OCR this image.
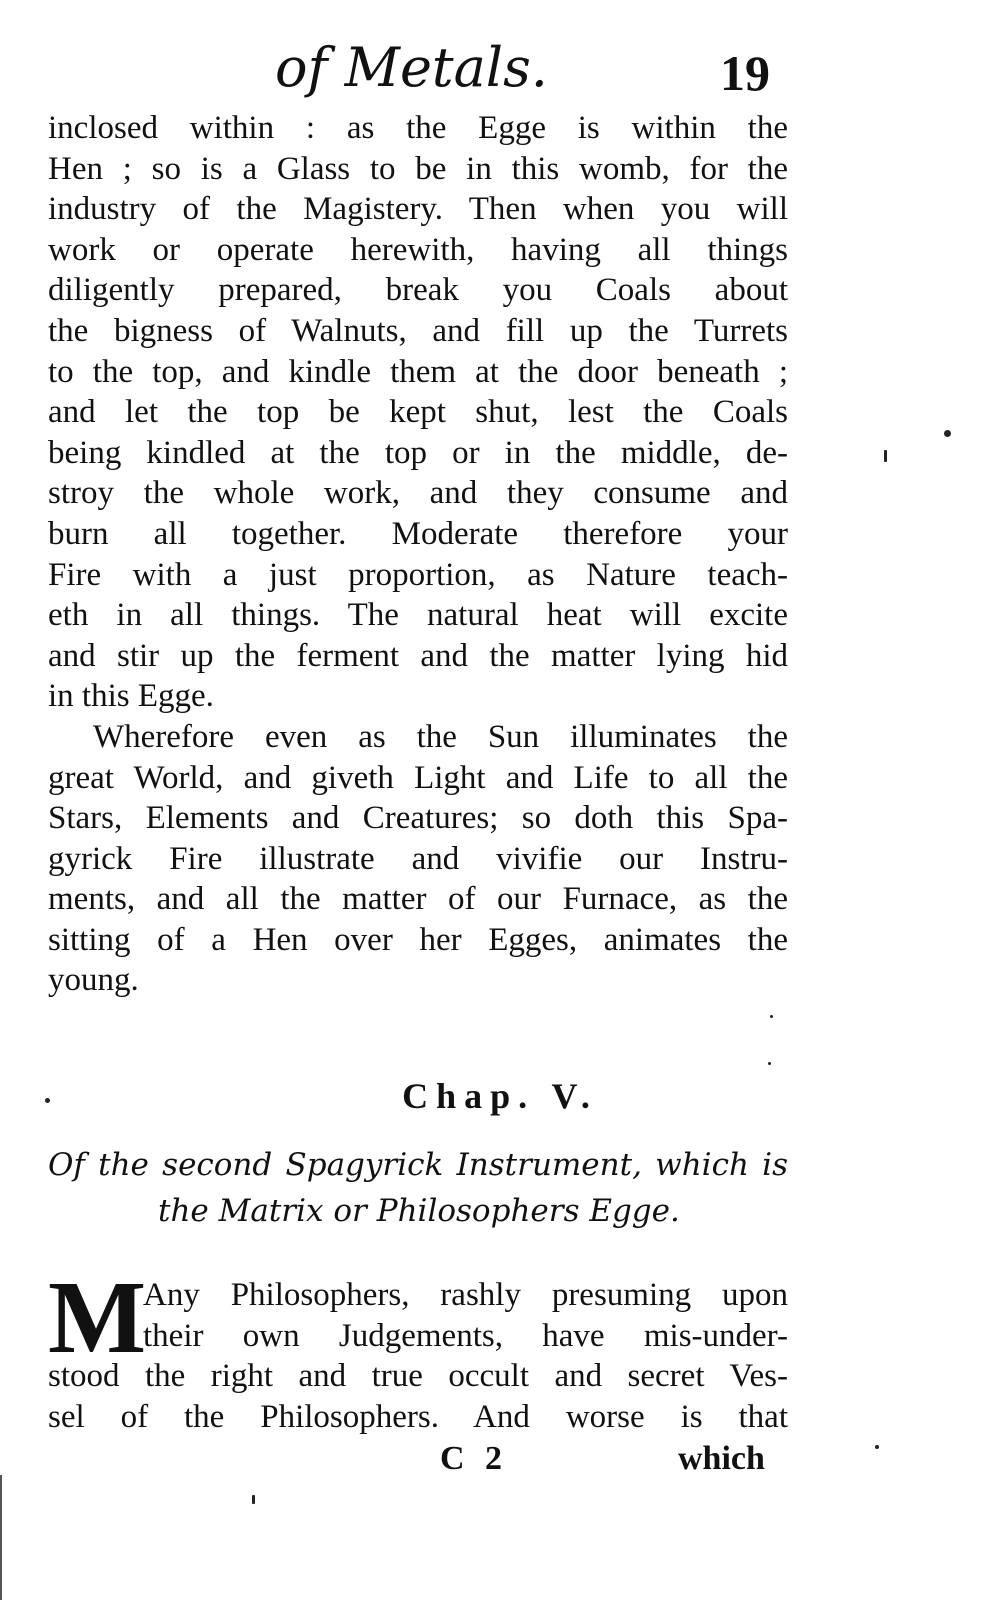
of Metals.	19
inclosed within : as the Egge is within the
Hen ; so is a Glass to be in this womb, for the
industry of the Magistery. Then when you will
work or operate herewith, having all things
diligently prepared, break you Coals about
the bigness of Walnuts, and fill up the Turrets
to the top, and kindle them at the door beneath ;
and let the top be kept shut, lest the Coals
being kindled at the top or in the middle, de-
stroy the whole work, and they consume and
burn all together. Moderate therefore your
Fire with a just proportion, as Nature teach-
eth in all things. The natural heat will excite
and stir up the ferment and the matter lying hid
in this Egge.
Wherefore even as the Sun illuminates the
great World, and giveth Light and Life to all the
Stars, Elements and Creatures; so doth this Spa-
gyrick Fire illustrate and vivifie our Instru-
ments, and all the matter of our Furnace, as the
sitting of a Hen over her Egges, animates the
young.
Chap. V.
Of the second Spagyrick Instrument, which is
the Matrix or Philosophers Egge.
M
Any Philosophers, rashly presuming upon
their own Judgements, have mis-under-
stood the right and true occult and secret Ves-
sel of the Philosophers. And worse is that
C 2	which
